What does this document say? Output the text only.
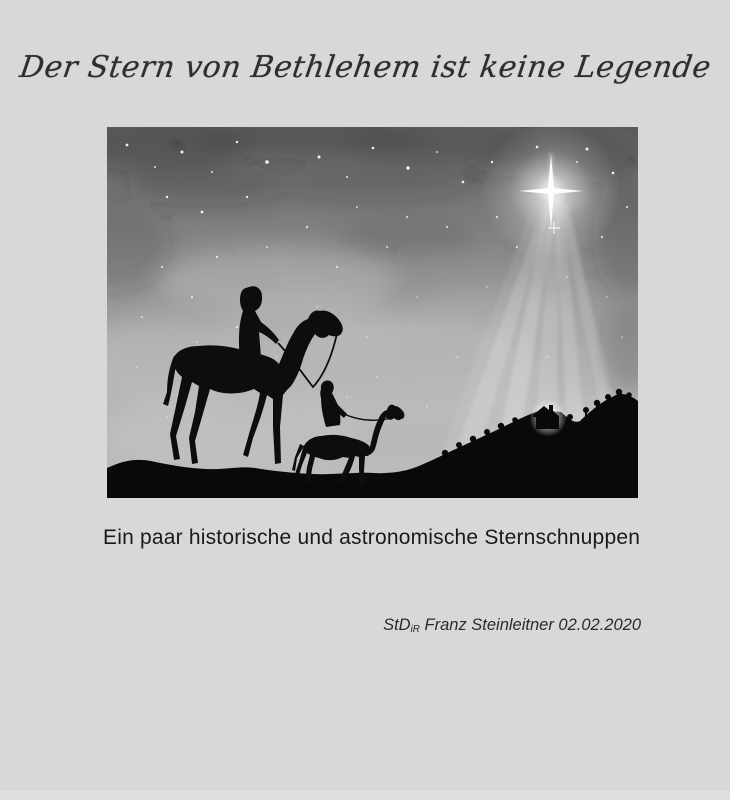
Der Stern von Bethlehem ist keine Legende

Ein paar historische und astronomische Sternschnuppen

StD$_{iR}$ Franz Steinleitner 02.02.2020
